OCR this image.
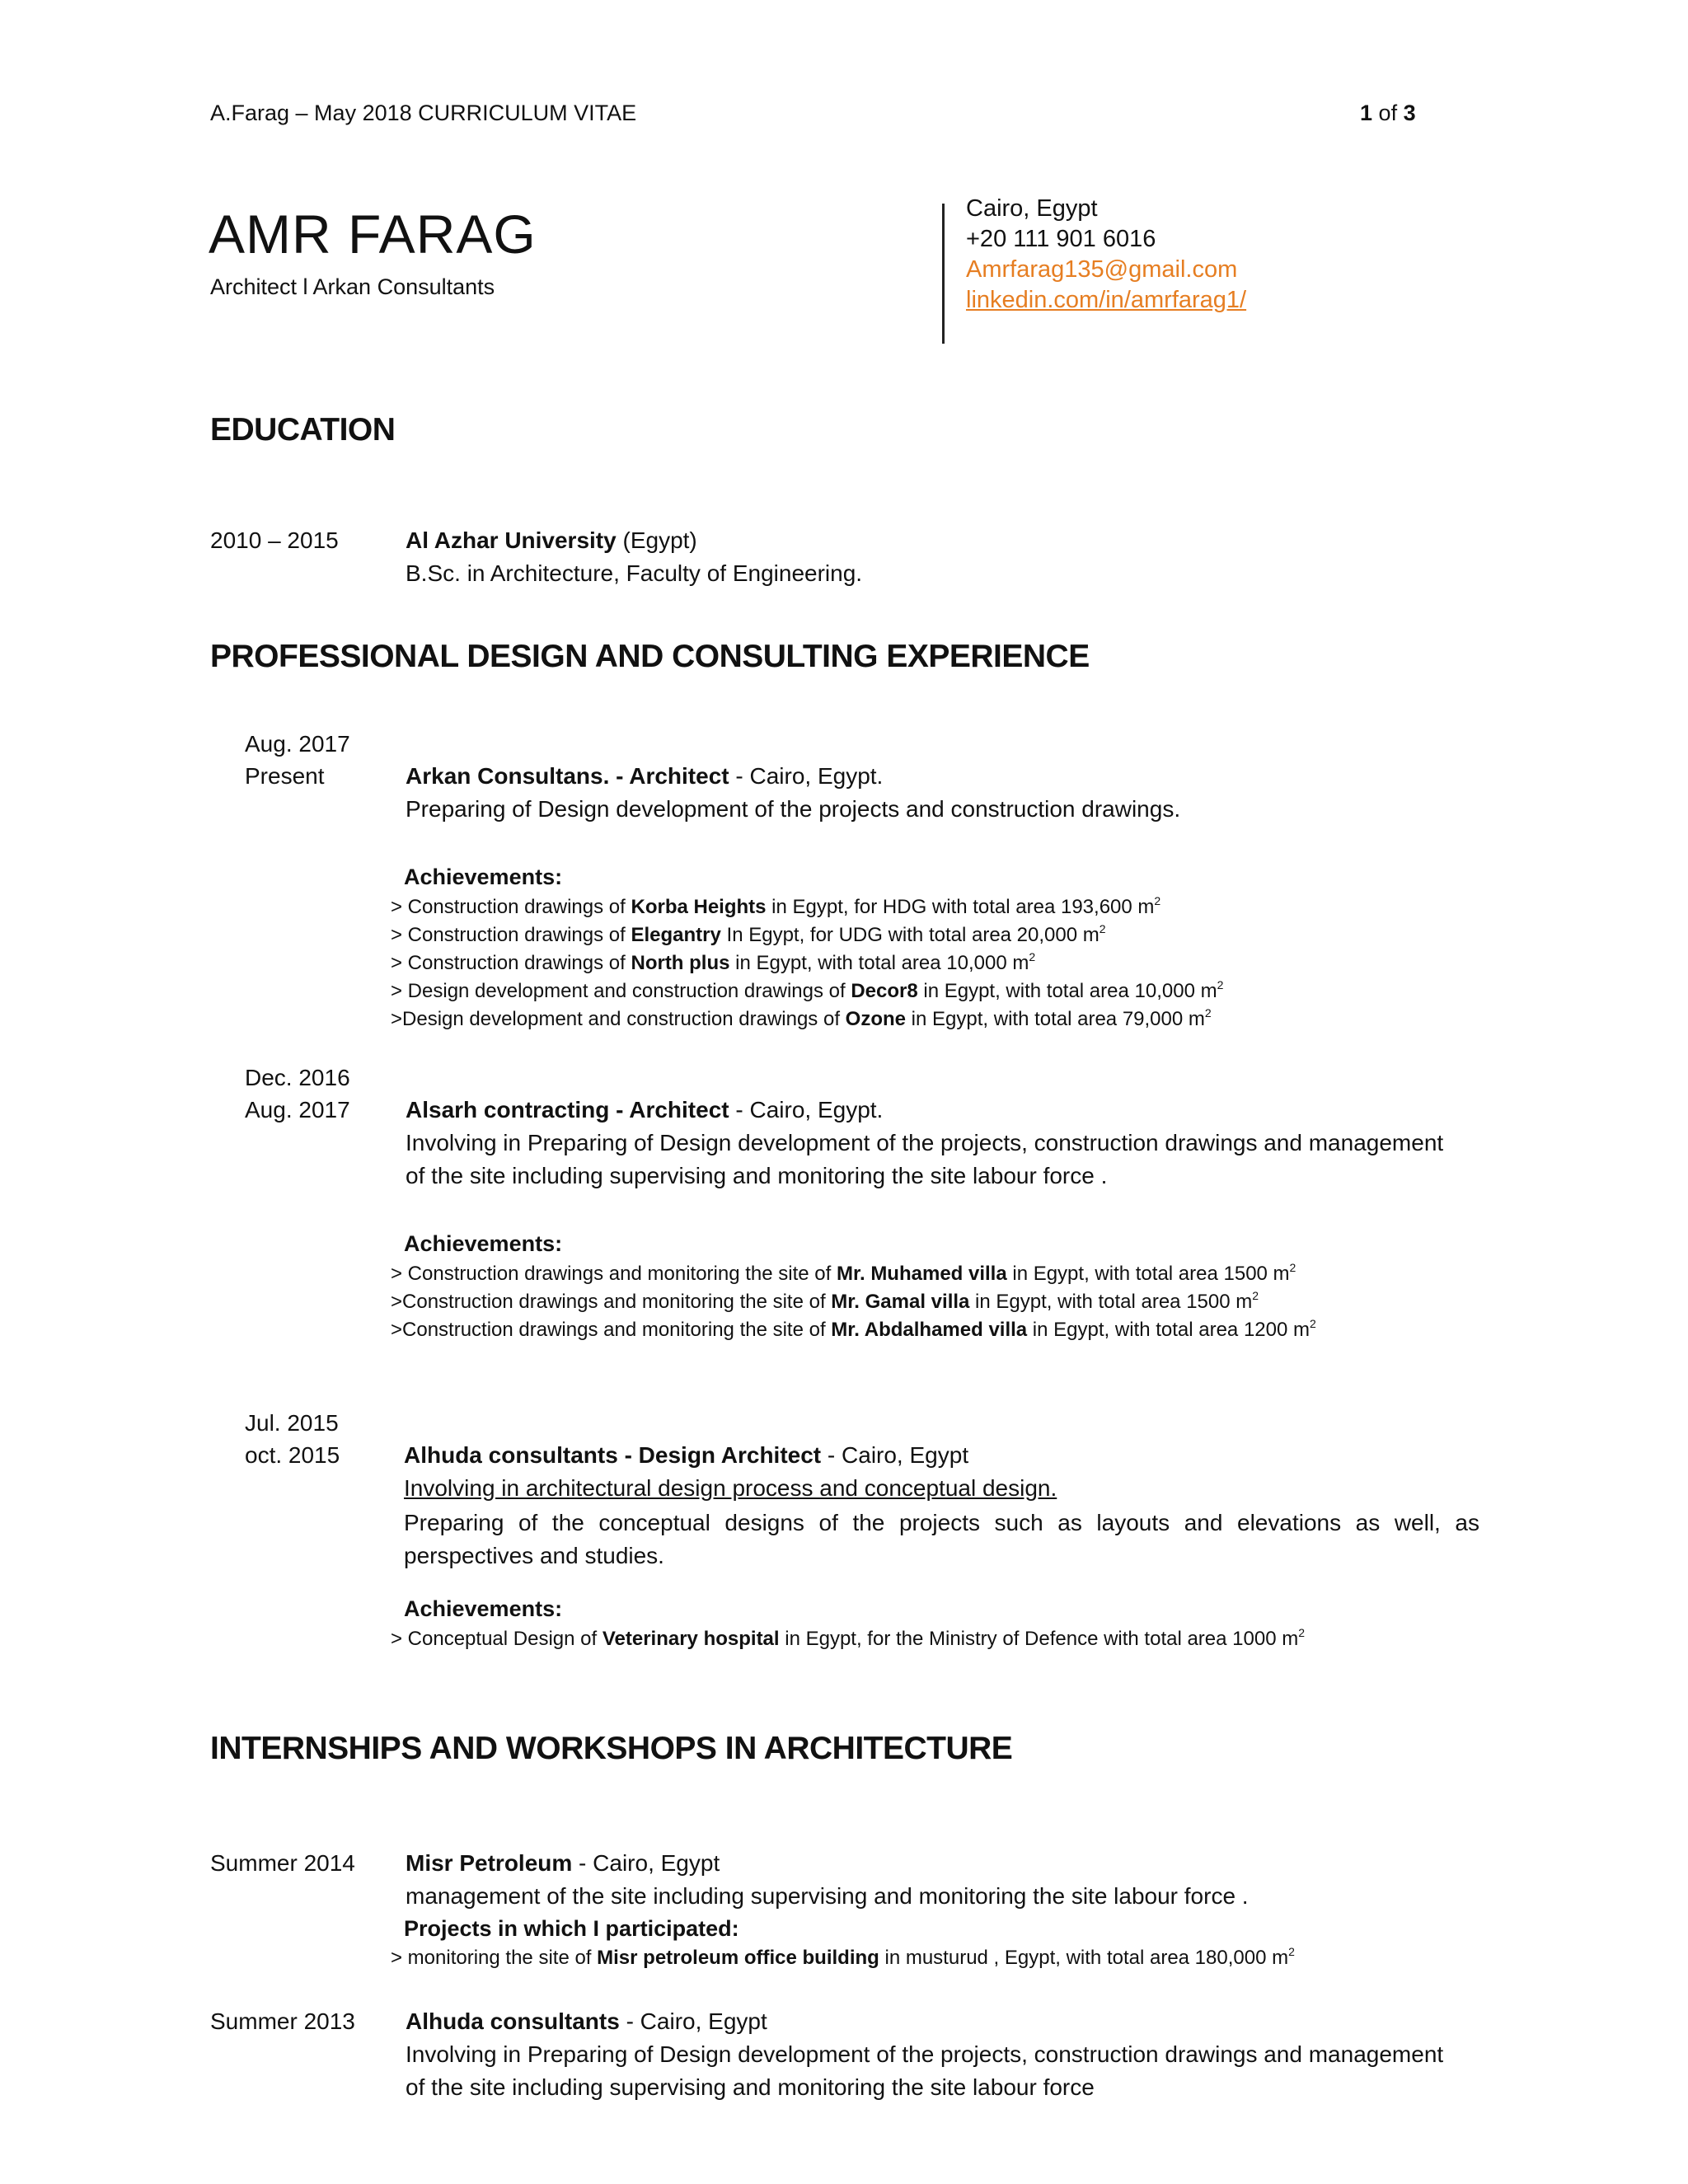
A.Farag – May 2018 CURRICULUM VITAE	1 of 3
AMR FARAG
Architect l Arkan Consultants
Cairo, Egypt
+20 111 901 6016
Amrfarag135@gmail.com
linkedin.com/in/amrfarag1/
EDUCATION
2010 – 2015	Al Azhar University (Egypt)
B.Sc. in Architecture, Faculty of Engineering.
PROFESSIONAL DESIGN AND CONSULTING EXPERIENCE
Aug. 2017
Present	Arkan Consultans. - Architect - Cairo, Egypt.
Preparing of Design development of the projects and construction drawings.
Achievements:
> Construction drawings of Korba Heights in Egypt, for HDG with total area 193,600 $m^2$
> Construction drawings of Elegantry In Egypt, for UDG with total area 20,000 $m^2$
> Construction drawings of North plus in Egypt, with total area 10,000 $m^2$
> Design development and construction drawings of Decor8 in Egypt, with total area 10,000 $m^2$
>Design development and construction drawings of Ozone in Egypt, with total area 79,000 $m^2$
Dec. 2016
Aug. 2017 Alsarh contracting - Architect - Cairo, Egypt.
Involving in Preparing of Design development of the projects, construction drawings and management
of the site including supervising and monitoring the site labour force .
Achievements:
> Construction drawings and monitoring the site of Mr. Muhamed villa in Egypt, with total area 1500 $m^2$
>Construction drawings and monitoring the site of Mr. Gamal villa in Egypt, with total area 1500 $m^2$
>Construction drawings and monitoring the site of Mr. Abdalhamed villa in Egypt, with total area 1200 $m^2$
Jul. 2015
oct. 2015	Alhuda consultants - Design Architect - Cairo, Egypt
Involving in architectural design process and conceptual design.
Preparing of the conceptual designs of the projects such as layouts and elevations as well, as perspectives and studies.
Achievements:
> Conceptual Design of Veterinary hospital in Egypt, for the Ministry of Defence with total area 1000 $m^2$
INTERNSHIPS AND WORKSHOPS IN ARCHITECTURE
Summer 2014 Misr Petroleum - Cairo, Egypt
management of the site including supervising and monitoring the site labour force .
Projects in which I participated:
> monitoring the site of Misr petroleum office building in musturud , Egypt, with total area 180,000 $m^2$
Summer 2013 Alhuda consultants - Cairo, Egypt
Involving in Preparing of Design development of the projects, construction drawings and management
of the site including supervising and monitoring the site labour force
